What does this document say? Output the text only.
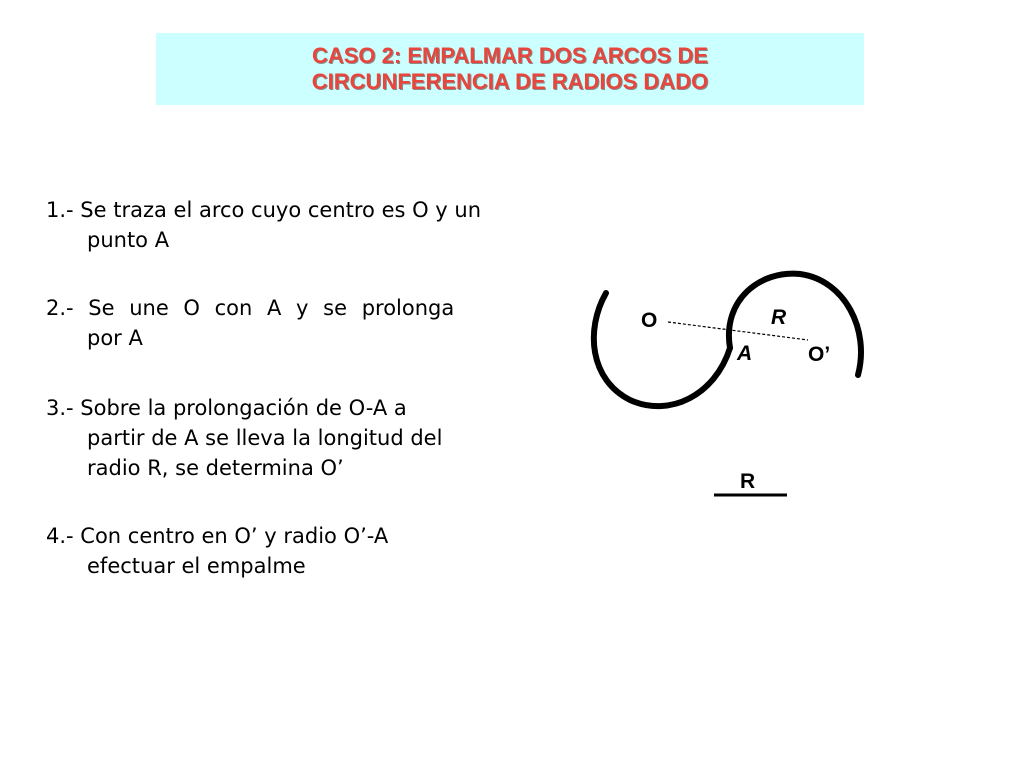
CASO 2: EMPALMAR DOS ARCOS DE
CIRCUNFERENCIA DE RADIOS DADO
1.- Se traza el arco cuyo centro es O y un
punto A
2.- Se une O con A y se prolonga
por A
3.- Sobre la prolongación de O-A a
partir de A se lleva la longitud del
radio R, se determina O’
4.- Con centro en O’ y radio O’-A
efectuar el empalme
O
A
R
O’
R
